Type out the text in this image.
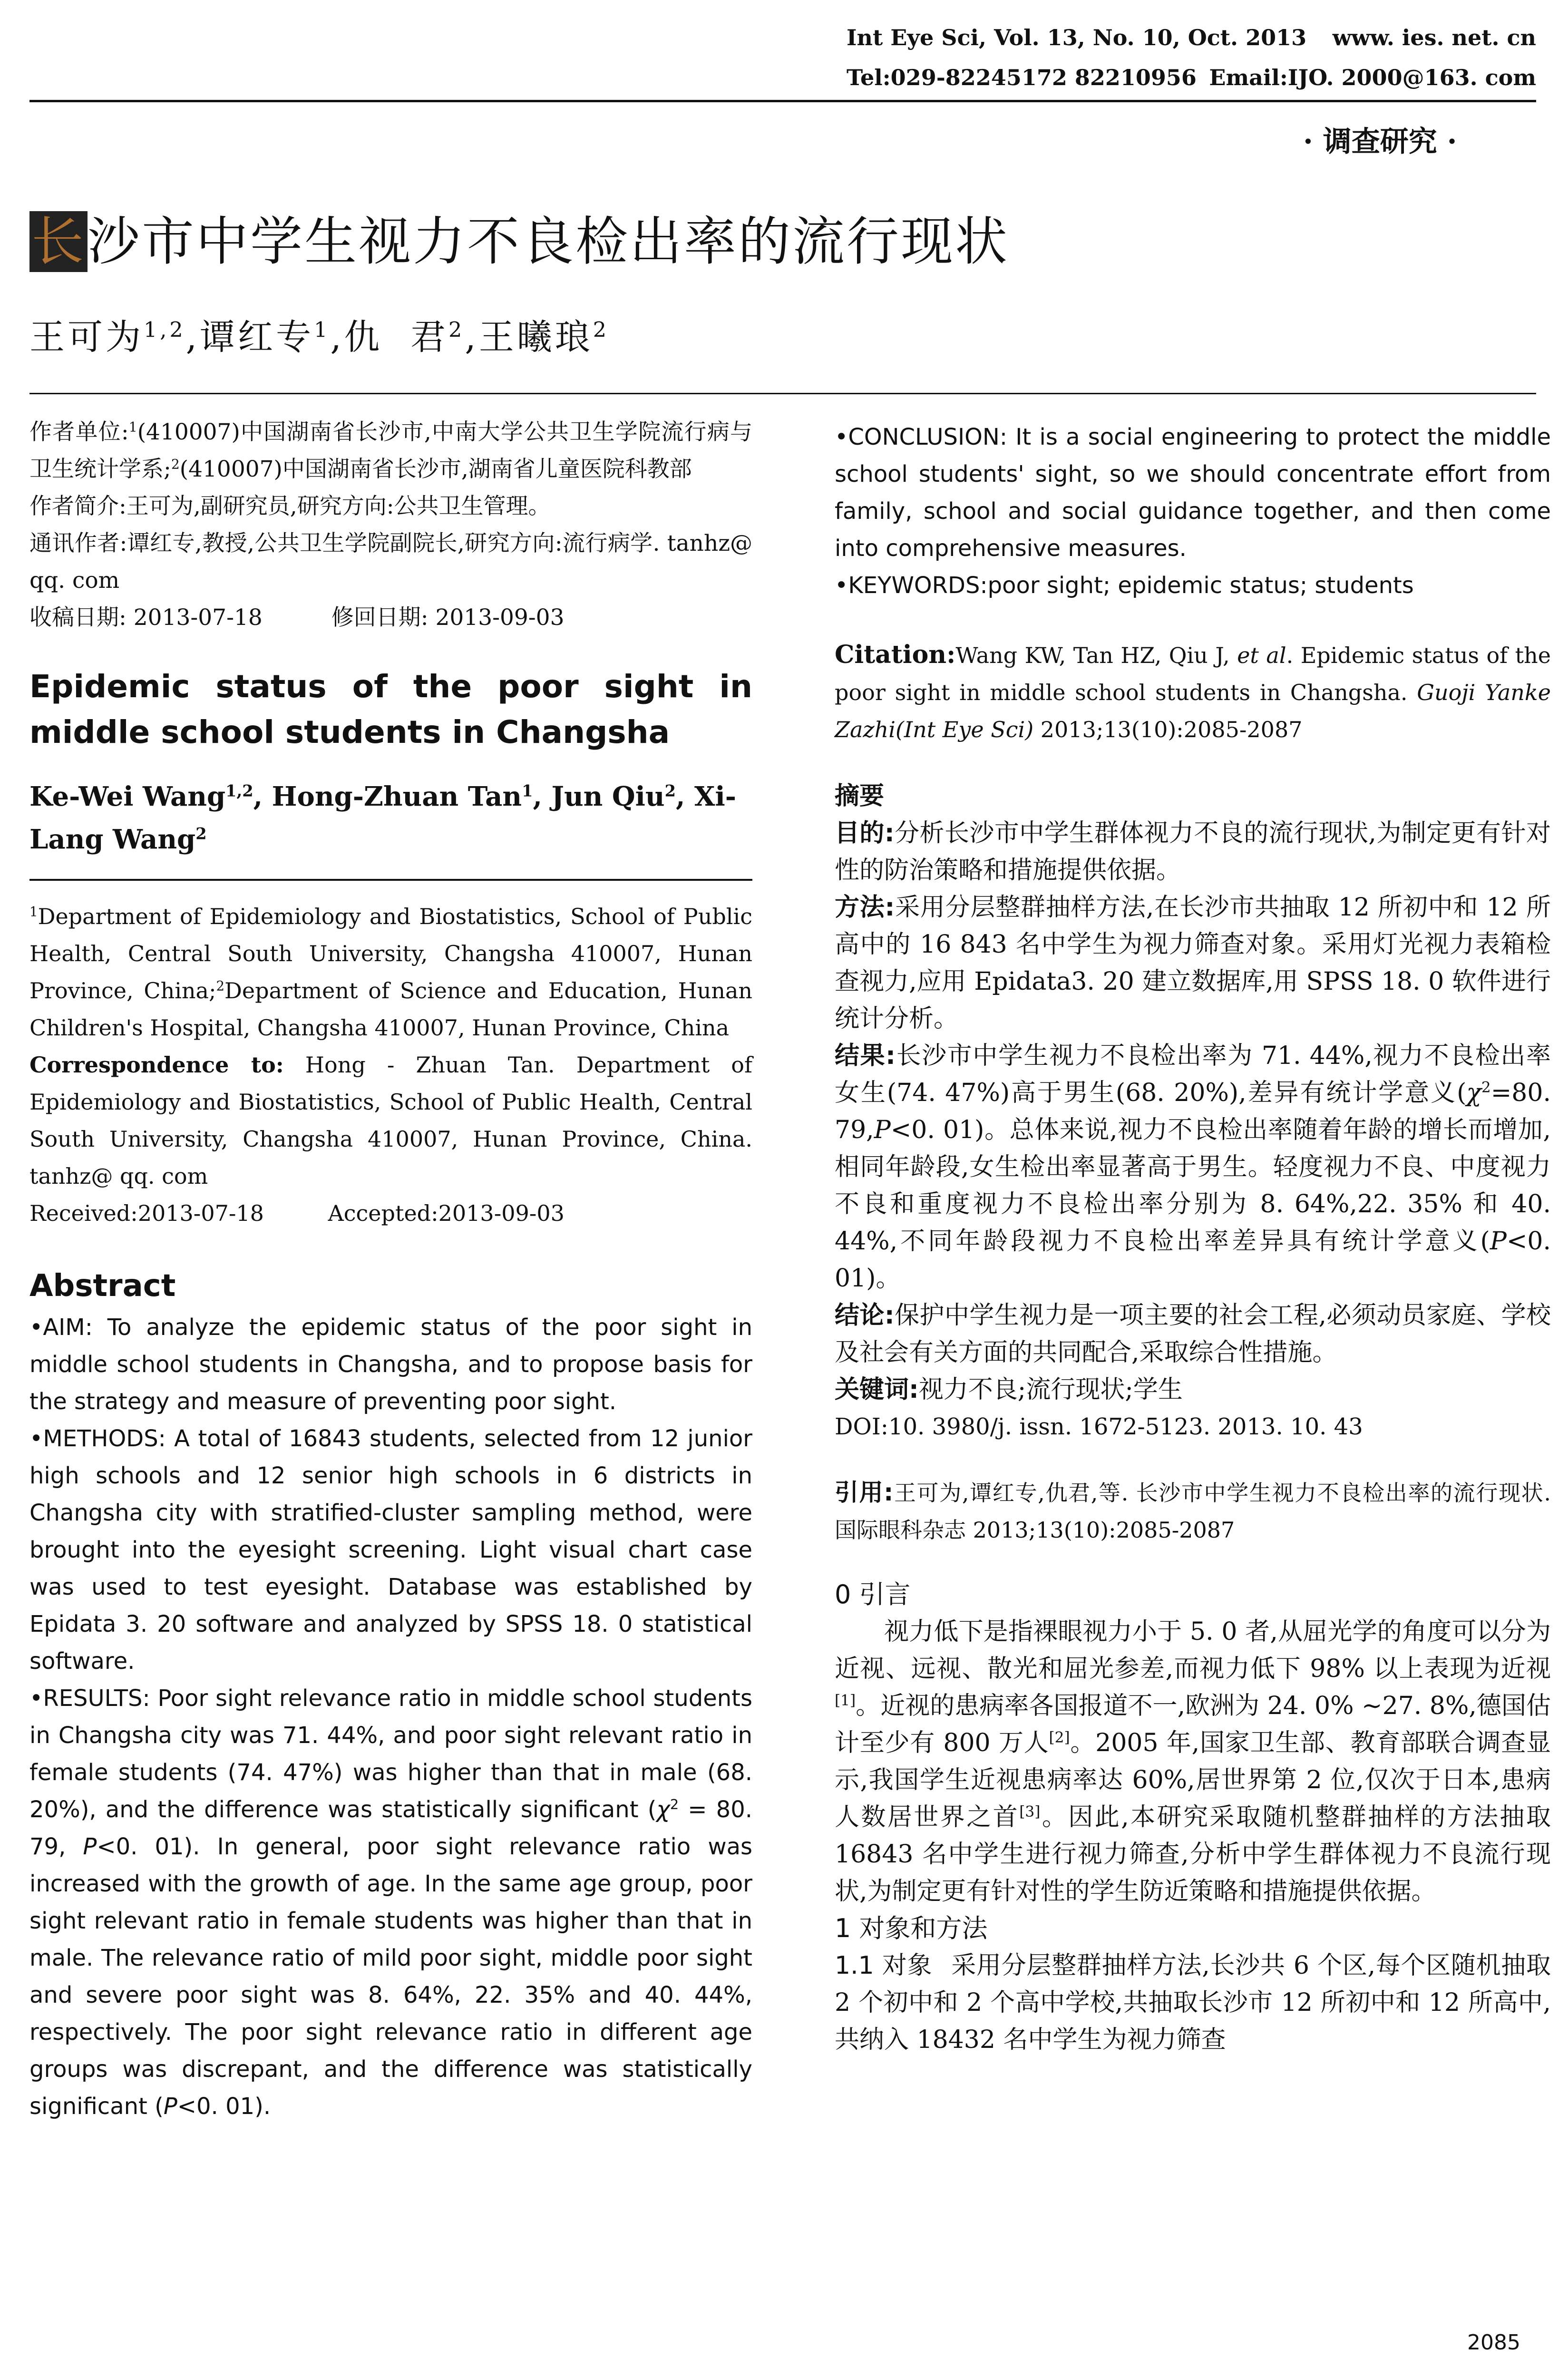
Int Eye Sci, Vol. 13, No. 10, Oct. 2013 www. ies. net. cn
Tel:029-82245172 82210956 Email:IJO. 2000@163. com
· 调查研究 ·
长沙市中学生视力不良检出率的流行现状
王可为$^{1,2}$,谭红专$^1$,仇  君$^2$,王曦琅$^2$

作者单位:$^1$(410007)中国湖南省长沙市,中南大学公共卫生学院流行病与卫生统计学系;$^2$(410007)中国湖南省长沙市,湖南省儿童医院科教部

作者简介:王可为,副研究员,研究方向:公共卫生管理。

通讯作者:谭红专,教授,公共卫生学院副院长,研究方向:流行病学. tanhz@ qq. com

收稿日期: 2013-07-18	修回日期: 2013-09-03

Epidemic status of the poor sight in middle school students in Changsha

Ke-Wei Wang$^{1,2}$, Hong-Zhuan Tan$^1$, Jun Qiu$^2$, Xi-Lang Wang$^2$

$^1$Department of Epidemiology and Biostatistics, School of Public Health, Central South University, Changsha 410007, Hunan Province, China;$^2$Department of Science and Education, Hunan Children's Hospital, Changsha 410007, Hunan Province, China

Correspondence to: Hong - Zhuan Tan. Department of Epidemiology and Biostatistics, School of Public Health, Central South University, Changsha 410007, Hunan Province, China. tanhz@ qq. com

Received:2013-07-18	Accepted:2013-09-03

Abstract

•AIM: To analyze the epidemic status of the poor sight in middle school students in Changsha, and to propose basis for the strategy and measure of preventing poor sight.

•METHODS: A total of 16843 students, selected from 12 junior high schools and 12 senior high schools in 6 districts in Changsha city with stratified-cluster sampling method, were brought into the eyesight screening. Light visual chart case was used to test eyesight. Database was established by Epidata 3. 20 software and analyzed by SPSS 18. 0 statistical software.

•RESULTS: Poor sight relevance ratio in middle school students in Changsha city was 71. 44%, and poor sight relevant ratio in female students (74. 47%) was higher than that in male (68. 20%), and the difference was statistically significant ($\chi^2 = 80$. 79, P<0. 01). In general, poor sight relevance ratio was increased with the growth of age. In the same age group, poor sight relevant ratio in female students was higher than that in male. The relevance ratio of mild poor sight, middle poor sight and severe poor sight was 8. 64%, 22. 35% and 40. 44%, respectively. The poor sight relevance ratio in different age groups was discrepant, and the difference was statistically significant (P<0. 01).

•CONCLUSION: It is a social engineering to protect the middle school students' sight, so we should concentrate effort from family, school and social guidance together, and then come into comprehensive measures.

•KEYWORDS:poor sight; epidemic status; students

Citation:Wang KW, Tan HZ, Qiu J, et al. Epidemic status of the poor sight in middle school students in Changsha. Guoji Yanke Zazhi(Int Eye Sci) 2013;13(10):2085-2087

摘要

目的:分析长沙市中学生群体视力不良的流行现状,为制定更有针对性的防治策略和措施提供依据。

方法:采用分层整群抽样方法,在长沙市共抽取 12 所初中和 12 所高中的 16 843 名中学生为视力筛查对象。采用灯光视力表箱检查视力,应用 Epidata3. 20 建立数据库,用 SPSS 18. 0 软件进行统计分析。

结果:长沙市中学生视力不良检出率为 71. 44%,视力不良检出率女生(74. 47%)高于男生(68. 20%),差异有统计学意义($\chi^2=80$. 79,P<0. 01)。总体来说,视力不良检出率随着年龄的增长而增加,相同年龄段,女生检出率显著高于男生。轻度视力不良、中度视力不良和重度视力不良检出率分别为 8. 64%,22. 35% 和 40. 44%,不同年龄段视力不良检出率差异具有统计学意义(P<0. 01)。

结论:保护中学生视力是一项主要的社会工程,必须动员家庭、学校及社会有关方面的共同配合,采取综合性措施。

关键词:视力不良;流行现状;学生

DOI:10. 3980/j. issn. 1672-5123. 2013. 10. 43

引用:王可为,谭红专,仇君,等. 长沙市中学生视力不良检出率的流行现状. 国际眼科杂志 2013;13(10):2085-2087

0 引言

视力低下是指裸眼视力小于 5. 0 者,从屈光学的角度可以分为近视、远视、散光和屈光参差,而视力低下 98% 以上表现为近视[1]。近视的患病率各国报道不一,欧洲为 24. 0% ~27. 8%,德国估计至少有 800 万人[2]。2005 年,国家卫生部、教育部联合调查显示,我国学生近视患病率达 60%,居世界第 2 位,仅次于日本,患病人数居世界之首[3]。因此,本研究采取随机整群抽样的方法抽取 16843 名中学生进行视力筛查,分析中学生群体视力不良流行现状,为制定更有针对性的学生防近策略和措施提供依据。

1 对象和方法

1.1 对象 采用分层整群抽样方法,长沙共 6 个区,每个区随机抽取 2 个初中和 2 个高中学校,共抽取长沙市 12 所初中和 12 所高中,共纳入 18432 名中学生为视力筛查

2085
